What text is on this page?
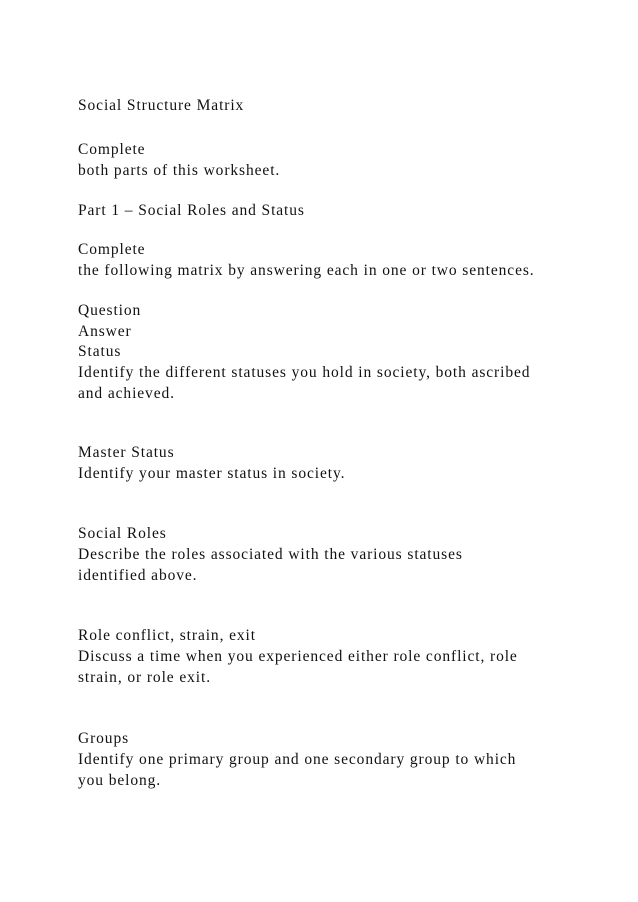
Social Structure Matrix

Complete

both parts of this worksheet.

Part 1 – Social Roles and Status

Complete

the following matrix by answering each in one or two sentences.

Question

Answer

Status

Identify the different statuses you hold in society, both ascribed

and achieved.

Master Status

Identify your master status in society.

Social Roles

Describe the roles associated with the various statuses

identified above.

Role conflict, strain, exit

Discuss a time when you experienced either role conflict, role

strain, or role exit.

Groups

Identify one primary group and one secondary group to which

you belong.
